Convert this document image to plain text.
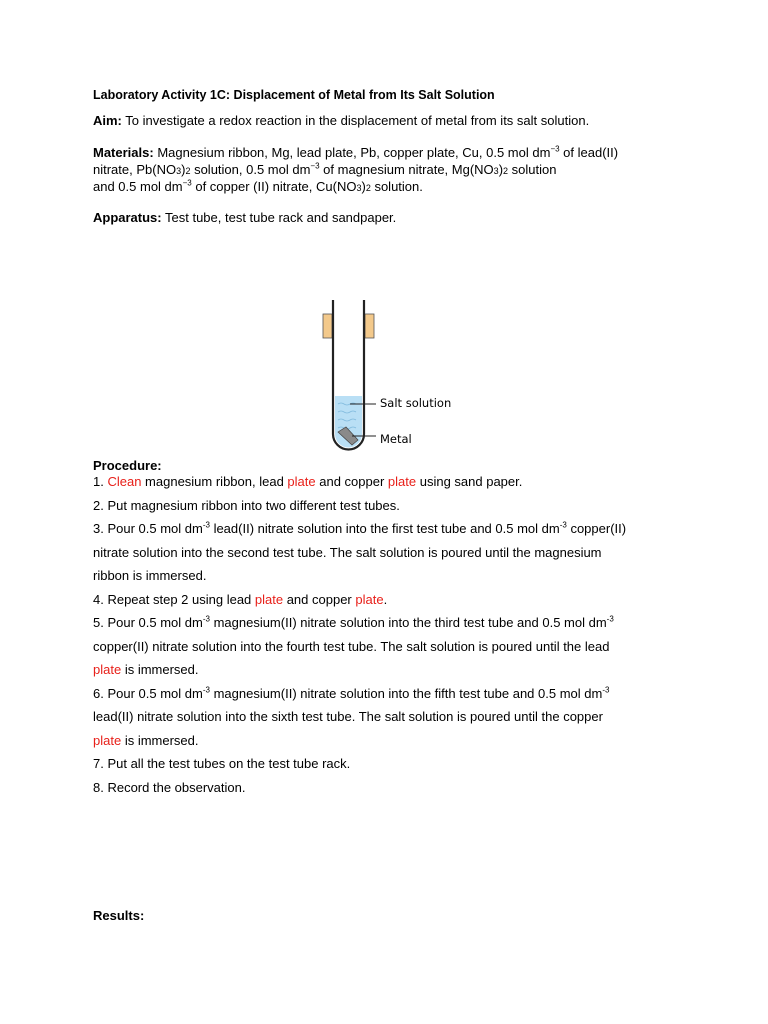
Laboratory Activity 1C: Displacement of Metal from Its Salt Solution
Aim: To investigate a redox reaction in the displacement of metal from its salt solution.
Materials: Magnesium ribbon, Mg, lead plate, Pb, copper plate, Cu, 0.5 mol $dm^{-3}$ of lead(II)
nitrate, Pb(NO3)2 solution, 0.5 mol $dm^{-3}$ of magnesium nitrate, Mg(NO3)2 solution
and 0.5 mol $dm^{-3}$ of copper (II) nitrate, Cu(NO3)2 solution.
Apparatus: Test tube, test tube rack and sandpaper.
Salt solution
Metal
Procedure:
1. Clean magnesium ribbon, lead plate and copper plate using sand paper.
2. Put magnesium ribbon into two different test tubes.
3. Pour 0.5 mol $dm^{-3}$ lead(II) nitrate solution into the first test tube and 0.5 mol $dm^{-3}$ copper(II)
nitrate solution into the second test tube. The salt solution is poured until the magnesium
ribbon is immersed.
4. Repeat step 2 using lead plate and copper plate.
5. Pour 0.5 mol $dm^{-3}$ magnesium(II) nitrate solution into the third test tube and 0.5 mol $dm^{-3}$
copper(II) nitrate solution into the fourth test tube. The salt solution is poured until the lead
plate is immersed.
6. Pour 0.5 mol $dm^{-3}$ magnesium(II) nitrate solution into the fifth test tube and 0.5 mol $dm^{-3}$
lead(II) nitrate solution into the sixth test tube. The salt solution is poured until the copper
plate is immersed.
7. Put all the test tubes on the test tube rack.
8. Record the observation.
Results:
